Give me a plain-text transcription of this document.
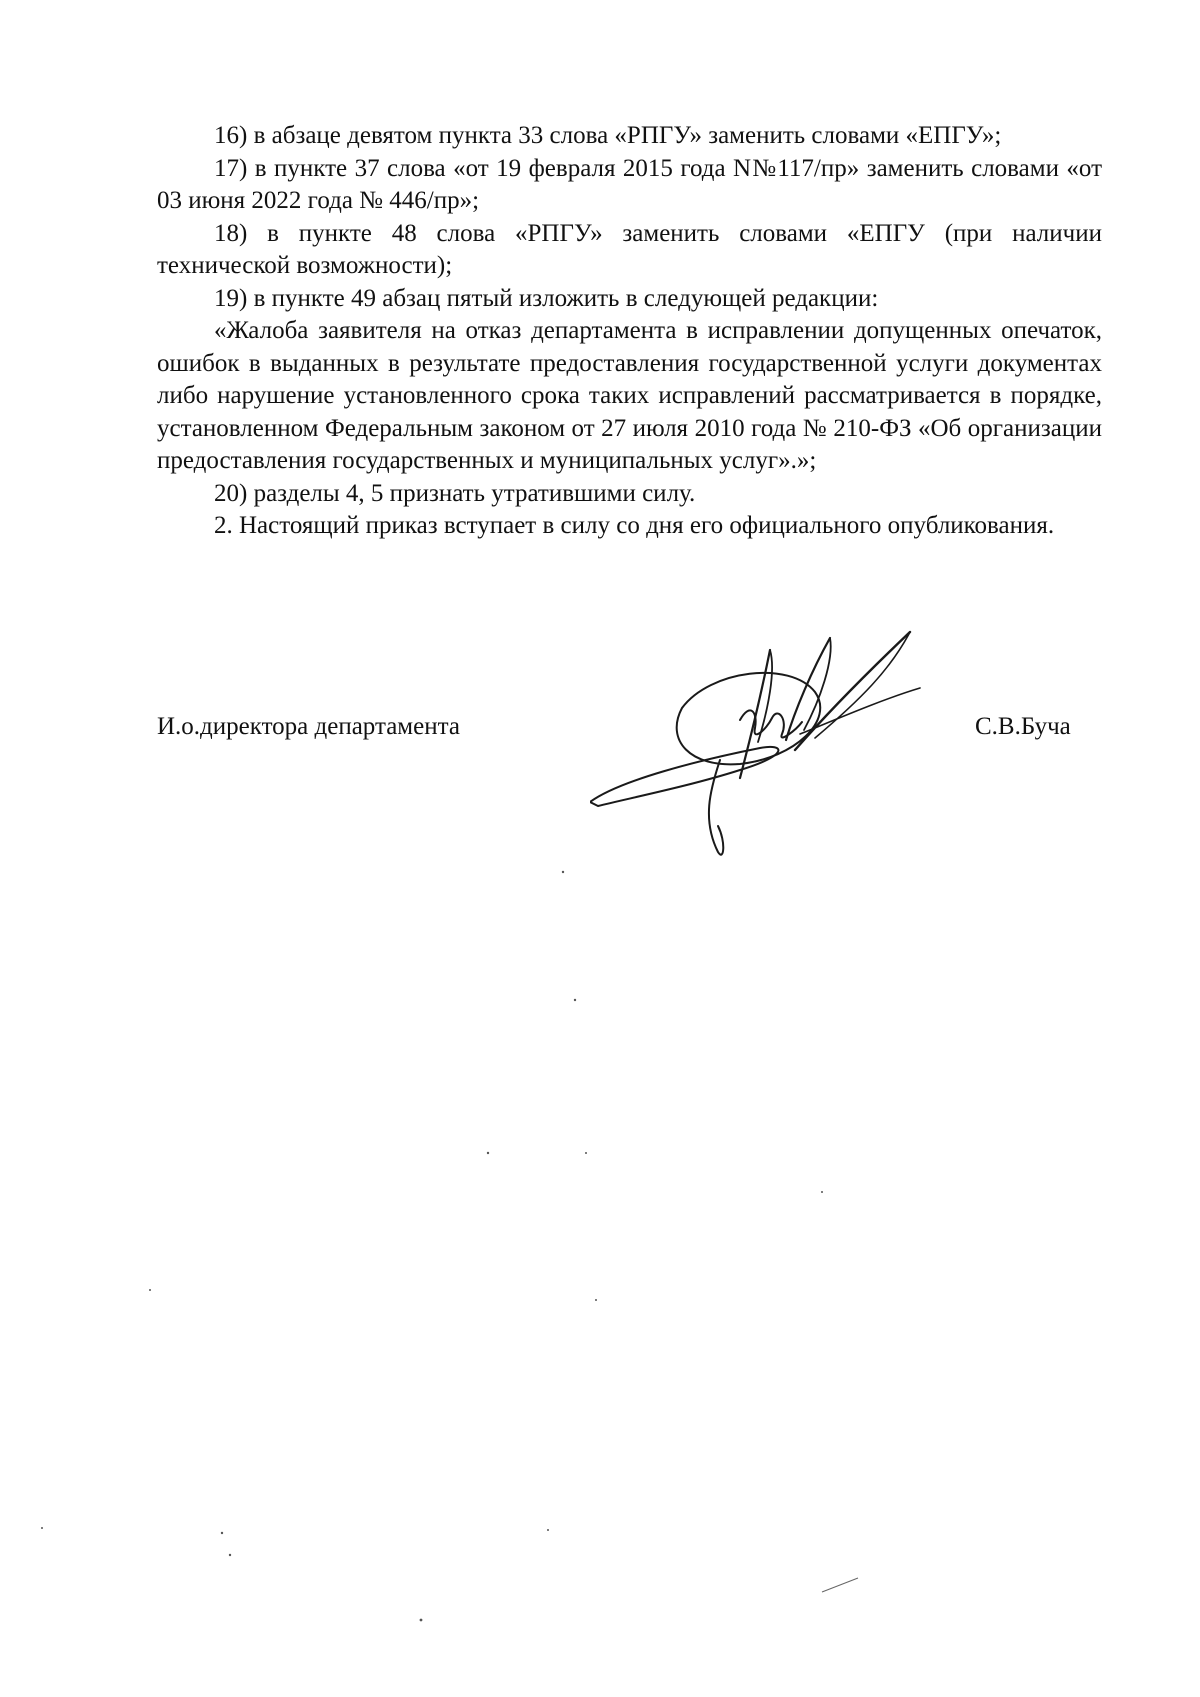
16) в абзаце девятом пункта 33 слова «РПГУ» заменить словами «ЕПГУ»;

17) в пункте 37 слова «от 19 февраля 2015 года N№117/пр» заменить словами «от 03 июня 2022 года № 446/пр»;

18) в пункте 48 слова «РПГУ» заменить словами «ЕПГУ (при наличии технической возможности);

19) в пункте 49 абзац пятый изложить в следующей редакции:

«Жалоба заявителя на отказ департамента в исправлении допущенных опечаток, ошибок в выданных в результате предоставления государственной услуги документах либо нарушение установленного срока таких исправлений рассматривается в порядке, установленном Федеральным законом от 27 июля 2010 года № 210-ФЗ «Об организации предоставления государственных и муниципальных услуг».»;

20) разделы 4, 5 признать утратившими силу.

2. Настоящий приказ вступает в силу со дня его официального опубликования.

И.о.директора департамента	С.В.Буча
